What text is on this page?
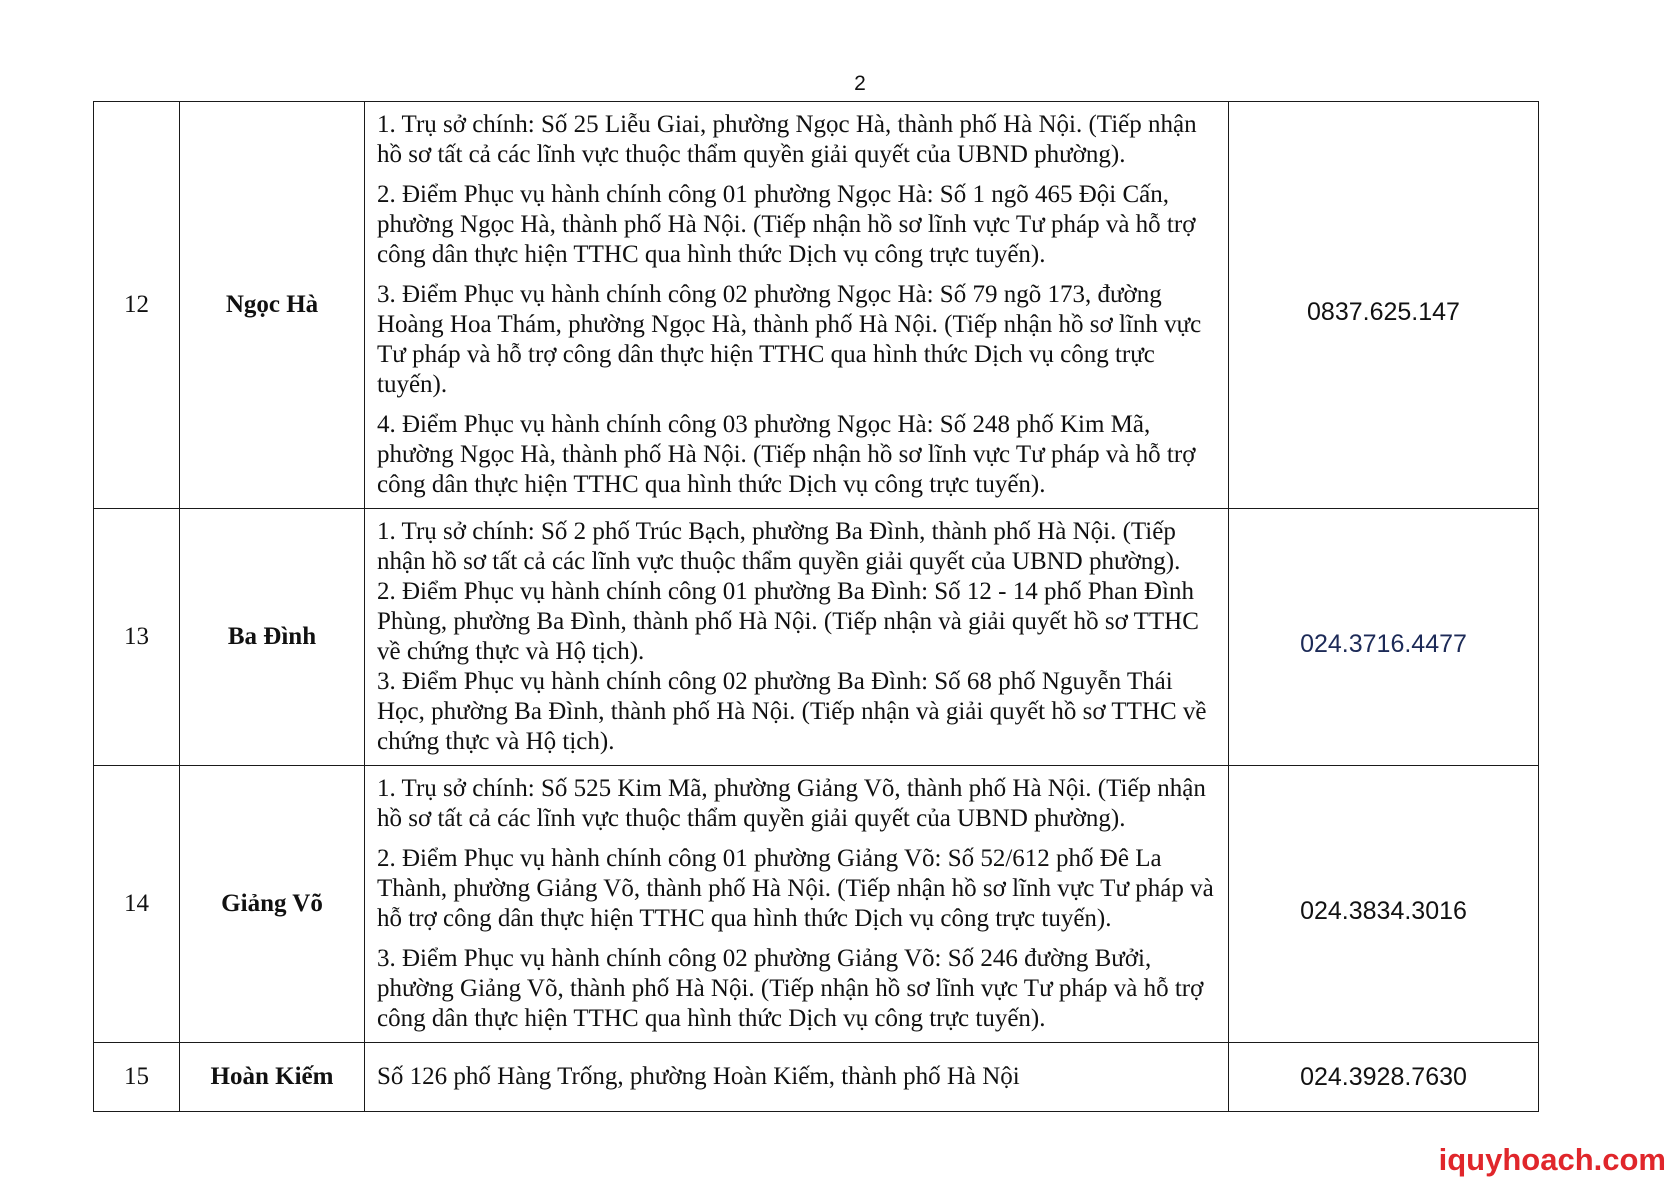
2
12	Ngọc Hà	1. Trụ sở chính: Số 25 Liễu Giai, phường Ngọc Hà, thành phố Hà Nội. (Tiếp nhận hồ sơ tất cả các lĩnh vực thuộc thẩm quyền giải quyết của UBND phường).

2. Điểm Phục vụ hành chính công 01 phường Ngọc Hà: Số 1 ngõ 465 Đội Cấn, phường Ngọc Hà, thành phố Hà Nội. (Tiếp nhận hồ sơ lĩnh vực Tư pháp và hỗ trợ công dân thực hiện TTHC qua hình thức Dịch vụ công trực tuyến).

3. Điểm Phục vụ hành chính công 02 phường Ngọc Hà: Số 79 ngõ 173, đường Hoàng Hoa Thám, phường Ngọc Hà, thành phố Hà Nội. (Tiếp nhận hồ sơ lĩnh vực Tư pháp và hỗ trợ công dân thực hiện TTHC qua hình thức Dịch vụ công trực tuyến).

4. Điểm Phục vụ hành chính công 03 phường Ngọc Hà: Số 248 phố Kim Mã, phường Ngọc Hà, thành phố Hà Nội. (Tiếp nhận hồ sơ lĩnh vực Tư pháp và hỗ trợ công dân thực hiện TTHC qua hình thức Dịch vụ công trực tuyến).	0837.625.147
13	Ba Đình	1. Trụ sở chính: Số 2 phố Trúc Bạch, phường Ba Đình, thành phố Hà Nội. (Tiếp nhận hồ sơ tất cả các lĩnh vực thuộc thẩm quyền giải quyết của UBND phường).

2. Điểm Phục vụ hành chính công 01 phường Ba Đình: Số 12 - 14 phố Phan Đình Phùng, phường Ba Đình, thành phố Hà Nội. (Tiếp nhận và giải quyết hồ sơ TTHC về chứng thực và Hộ tịch).

3. Điểm Phục vụ hành chính công 02 phường Ba Đình: Số 68 phố Nguyễn Thái Học, phường Ba Đình, thành phố Hà Nội. (Tiếp nhận và giải quyết hồ sơ TTHC về chứng thực và Hộ tịch).	024.3716.4477
14	Giảng Võ	1. Trụ sở chính: Số 525 Kim Mã, phường Giảng Võ, thành phố Hà Nội. (Tiếp nhận hồ sơ tất cả các lĩnh vực thuộc thẩm quyền giải quyết của UBND phường).

2. Điểm Phục vụ hành chính công 01 phường Giảng Võ: Số 52/612 phố Đê La Thành, phường Giảng Võ, thành phố Hà Nội. (Tiếp nhận hồ sơ lĩnh vực Tư pháp và hỗ trợ công dân thực hiện TTHC qua hình thức Dịch vụ công trực tuyến).

3. Điểm Phục vụ hành chính công 02 phường Giảng Võ: Số 246 đường Bưởi, phường Giảng Võ, thành phố Hà Nội. (Tiếp nhận hồ sơ lĩnh vực Tư pháp và hỗ trợ công dân thực hiện TTHC qua hình thức Dịch vụ công trực tuyến).	024.3834.3016
15	Hoàn Kiếm	Số 126 phố Hàng Trống, phường Hoàn Kiếm, thành phố Hà Nội	024.3928.7630
iquyhoach.com
